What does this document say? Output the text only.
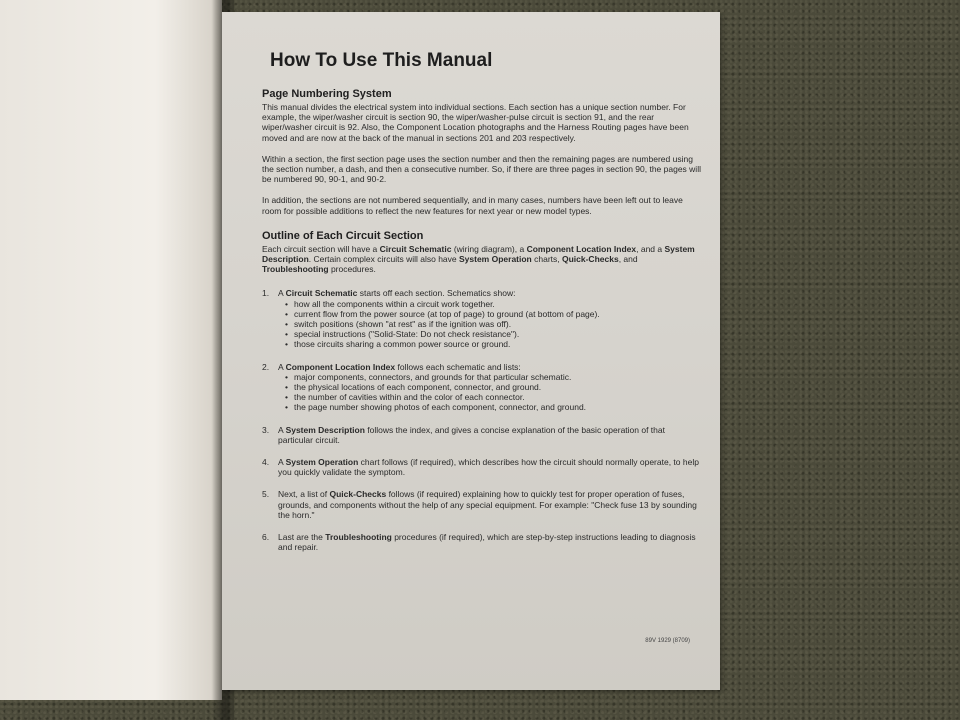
How To Use This Manual
Page Numbering System
This manual divides the electrical system into individual sections. Each section has a unique section number. For example, the wiper/washer circuit is section 90, the wiper/washer-pulse circuit is section 91, and the rear wiper/washer circuit is 92. Also, the Component Location photographs and the Harness Routing pages have been moved and are now at the back of the manual in sections 201 and 203 respectively.
Within a section, the first section page uses the section number and then the remaining pages are numbered using the section number, a dash, and then a consecutive number. So, if there are three pages in section 90, the pages will be numbered 90, 90-1, and 90-2.
In addition, the sections are not numbered sequentially, and in many cases, numbers have been left out to leave room for possible additions to reflect the new features for next year or new model types.
Outline of Each Circuit Section
Each circuit section will have a Circuit Schematic (wiring diagram), a Component Location Index, and a System Description. Certain complex circuits will also have System Operation charts, Quick-Checks, and Troubleshooting procedures.
1.	A Circuit Schematic starts off each section. Schematics show:
• how all the components within a circuit work together.
• current flow from the power source (at top of page) to ground (at bottom of page).
• switch positions (shown "at rest" as if the ignition was off).
• special instructions ("Solid-State: Do not check resistance").
• those circuits sharing a common power source or ground.
2.	A Component Location Index follows each schematic and lists:
• major components, connectors, and grounds for that particular schematic.
• the physical locations of each component, connector, and ground.
• the number of cavities within and the color of each connector.
• the page number showing photos of each component, connector, and ground.
3.	A System Description follows the index, and gives a concise explanation of the basic operation of that particular circuit.
4.	A System Operation chart follows (if required), which describes how the circuit should normally operate, to help you quickly validate the symptom.
5.	Next, a list of Quick-Checks follows (if required) explaining how to quickly test for proper operation of fuses, grounds, and components without the help of any special equipment. For example: "Check fuse 13 by sounding the horn."
6.	Last are the Troubleshooting procedures (if required), which are step-by-step instructions leading to diagnosis and repair.
89V 1929 (8709)
